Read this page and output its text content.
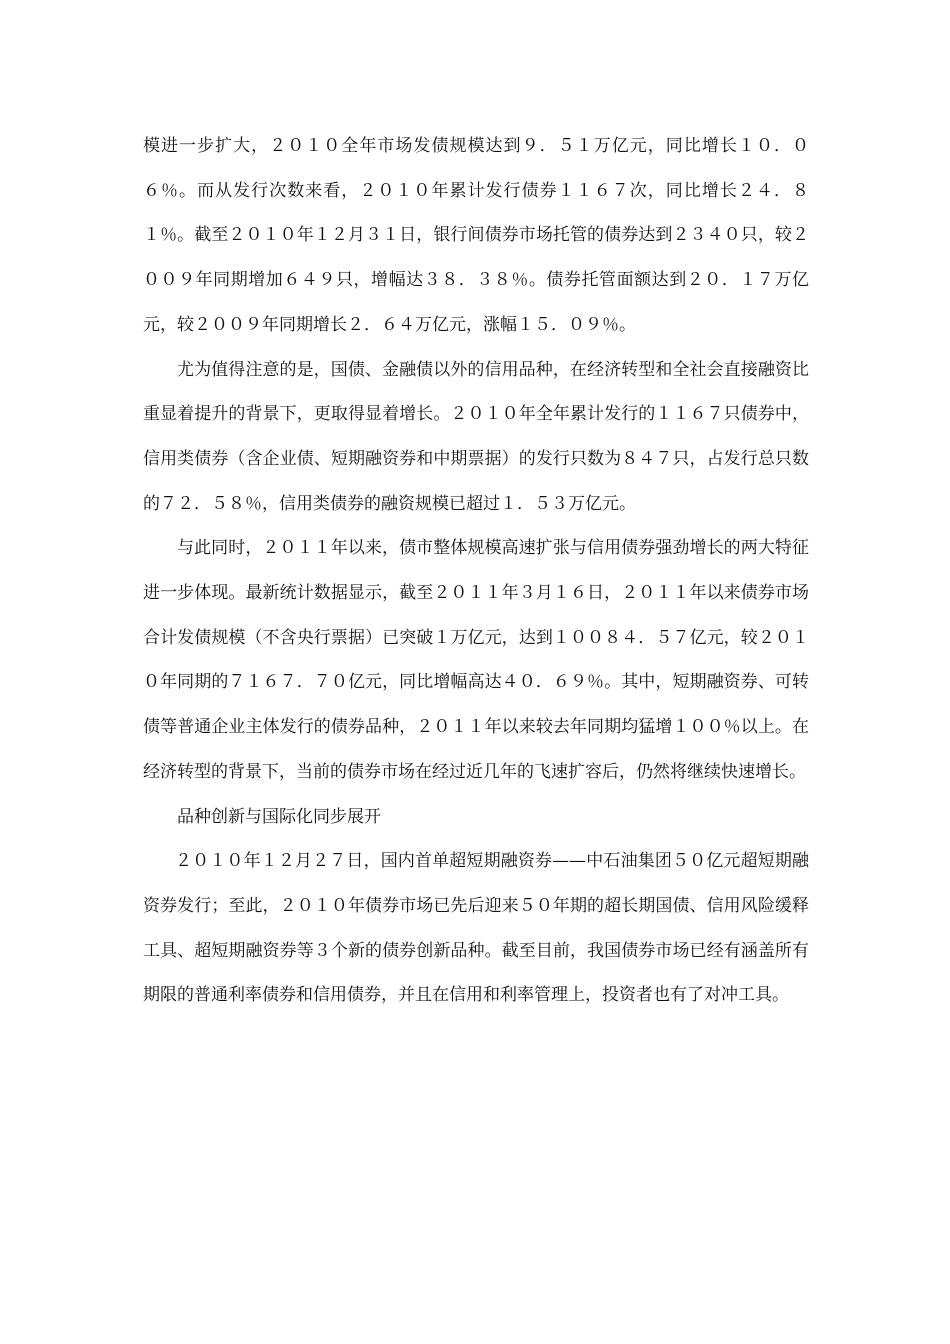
模进一步扩大，２０１０全年市场发债规模达到９．５１万亿元，同比增长１０．０６％。而从发行次数来看，２０１０年累计发行债券１１６７次，同比增长２４．８１％。截至２０１０年１２月３１日，银行间债券市场托管的债券达到２３４０只，较２００９年同期增加６４９只，增幅达３８．３８％。债券托管面额达到２０．１７万亿元，较２００９年同期增长２．６４万亿元，涨幅１５．０９％。

尤为值得注意的是，国债、金融债以外的信用品种，在经济转型和全社会直接融资比重显着提升的背景下，更取得显着增长。２０１０年全年累计发行的１１６７只债券中，信用类债券（含企业债、短期融资券和中期票据）的发行只数为８４７只，占发行总只数的７２．５８％，信用类债券的融资规模已超过１．５３万亿元。

与此同时，２０１１年以来，债市整体规模高速扩张与信用债券强劲增长的两大特征进一步体现。最新统计数据显示，截至２０１１年３月１６日，２０１１年以来债券市场合计发债规模（不含央行票据）已突破１万亿元，达到１００８４．５７亿元，较２０１０年同期的７１６７．７０亿元，同比增幅高达４０．６９％。其中，短期融资券、可转债等普通企业主体发行的债券品种，２０１１年以来较去年同期均猛增１００％以上。在经济转型的背景下，当前的债券市场在经过近几年的飞速扩容后，仍然将继续快速增长。

品种创新与国际化同步展开

２０１０年１２月２７日，国内首单超短期融资券——中石油集团５０亿元超短期融资券发行；至此，２０１０年债券市场已先后迎来５０年期的超长期国债、信用风险缓释工具、超短期融资券等３个新的债券创新品种。截至目前，我国债券市场已经有涵盖所有期限的普通利率债券和信用债券，并且在信用和利率管理上，投资者也有了对冲工具。
